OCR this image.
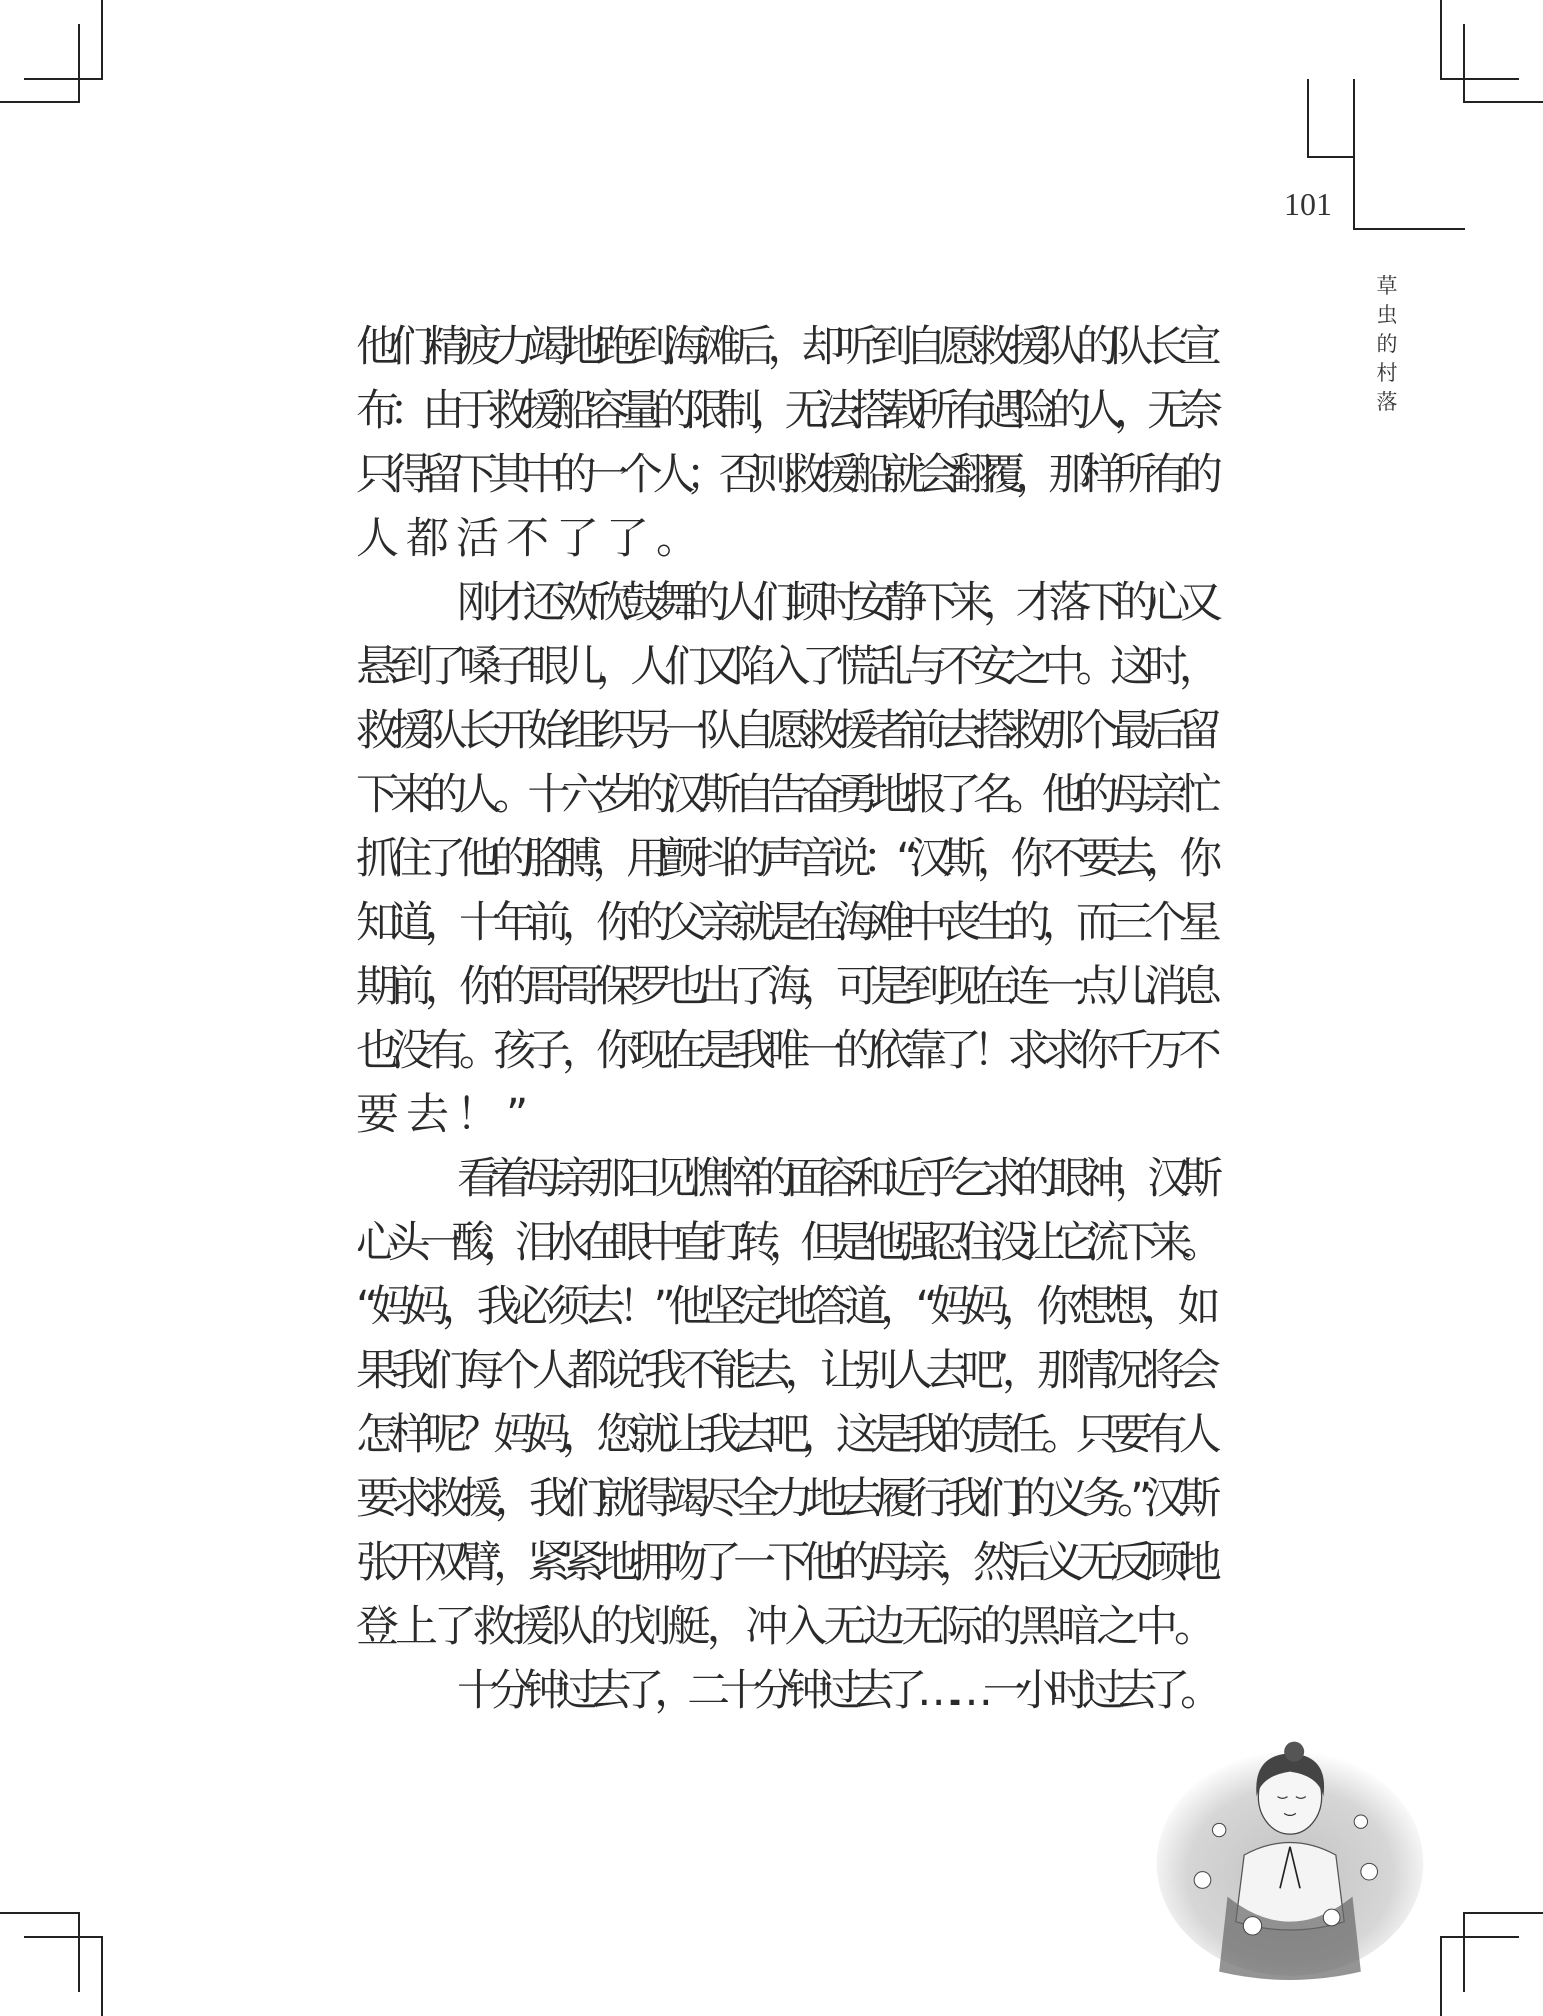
101
草
虫
的
村
落
他们精疲力竭地跑到海滩后，却听到自愿救援队的队长宣
布：由于救援船容量的限制，无法搭载所有遇险的人，无奈
只得留下其中的一个人；否则救援船就会翻覆，那样所有的
人都活不了了。
刚才还欢欣鼓舞的人们顿时安静下来，才落下的心又
悬到了嗓子眼儿，人们又陷入了慌乱与不安之中。这时，
救援队长开始组织另一队自愿救援者前去搭救那个最后留
下来的人。十六岁的汉斯自告奋勇地报了名。他的母亲忙
抓住了他的胳膊，用颤抖的声音说：“汉斯，你不要去，你
知道，十年前，你的父亲就是在海难中丧生的，而三个星
期前，你的哥哥保罗也出了海，可是到现在连一点儿消息
也没有。孩子，你现在是我唯一的依靠了！求求你千万不
要去！”
看着母亲那日见憔悴的面容和近乎乞求的眼神，汉斯
心头一酸，泪水在眼中直打转，但是他强忍住没让它流下来。
“妈妈，我必须去！”他坚定地答道，“妈妈，你想想，如
果我们每个人都说‘我不能去，让别人去吧’，那情况将会
怎样呢？妈妈，您就让我去吧，这是我的责任。只要有人
要求救援，我们就得竭尽全力地去履行我们的义务。”汉斯
张开双臂，紧紧地拥吻了一下他的母亲，然后义无反顾地
登上了救援队的划艇，冲入无边无际的黑暗之中。
十分钟过去了，二十分钟过去了……一小时过去了。
